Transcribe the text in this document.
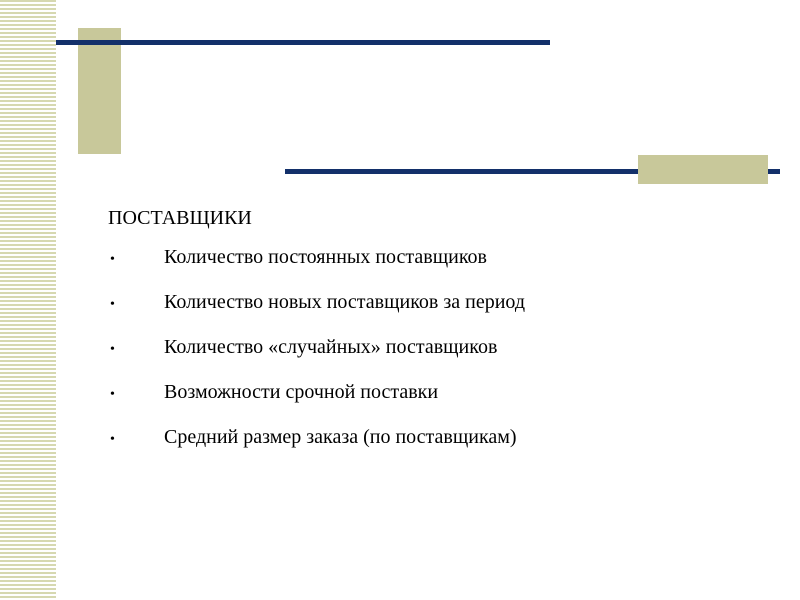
ПОСТАВЩИКИ
•	Количество постоянных поставщиков
•	Количество новых поставщиков за период
•	Количество «случайных» поставщиков
•	Возможности срочной поставки
•	Средний размер заказа (по поставщикам)
